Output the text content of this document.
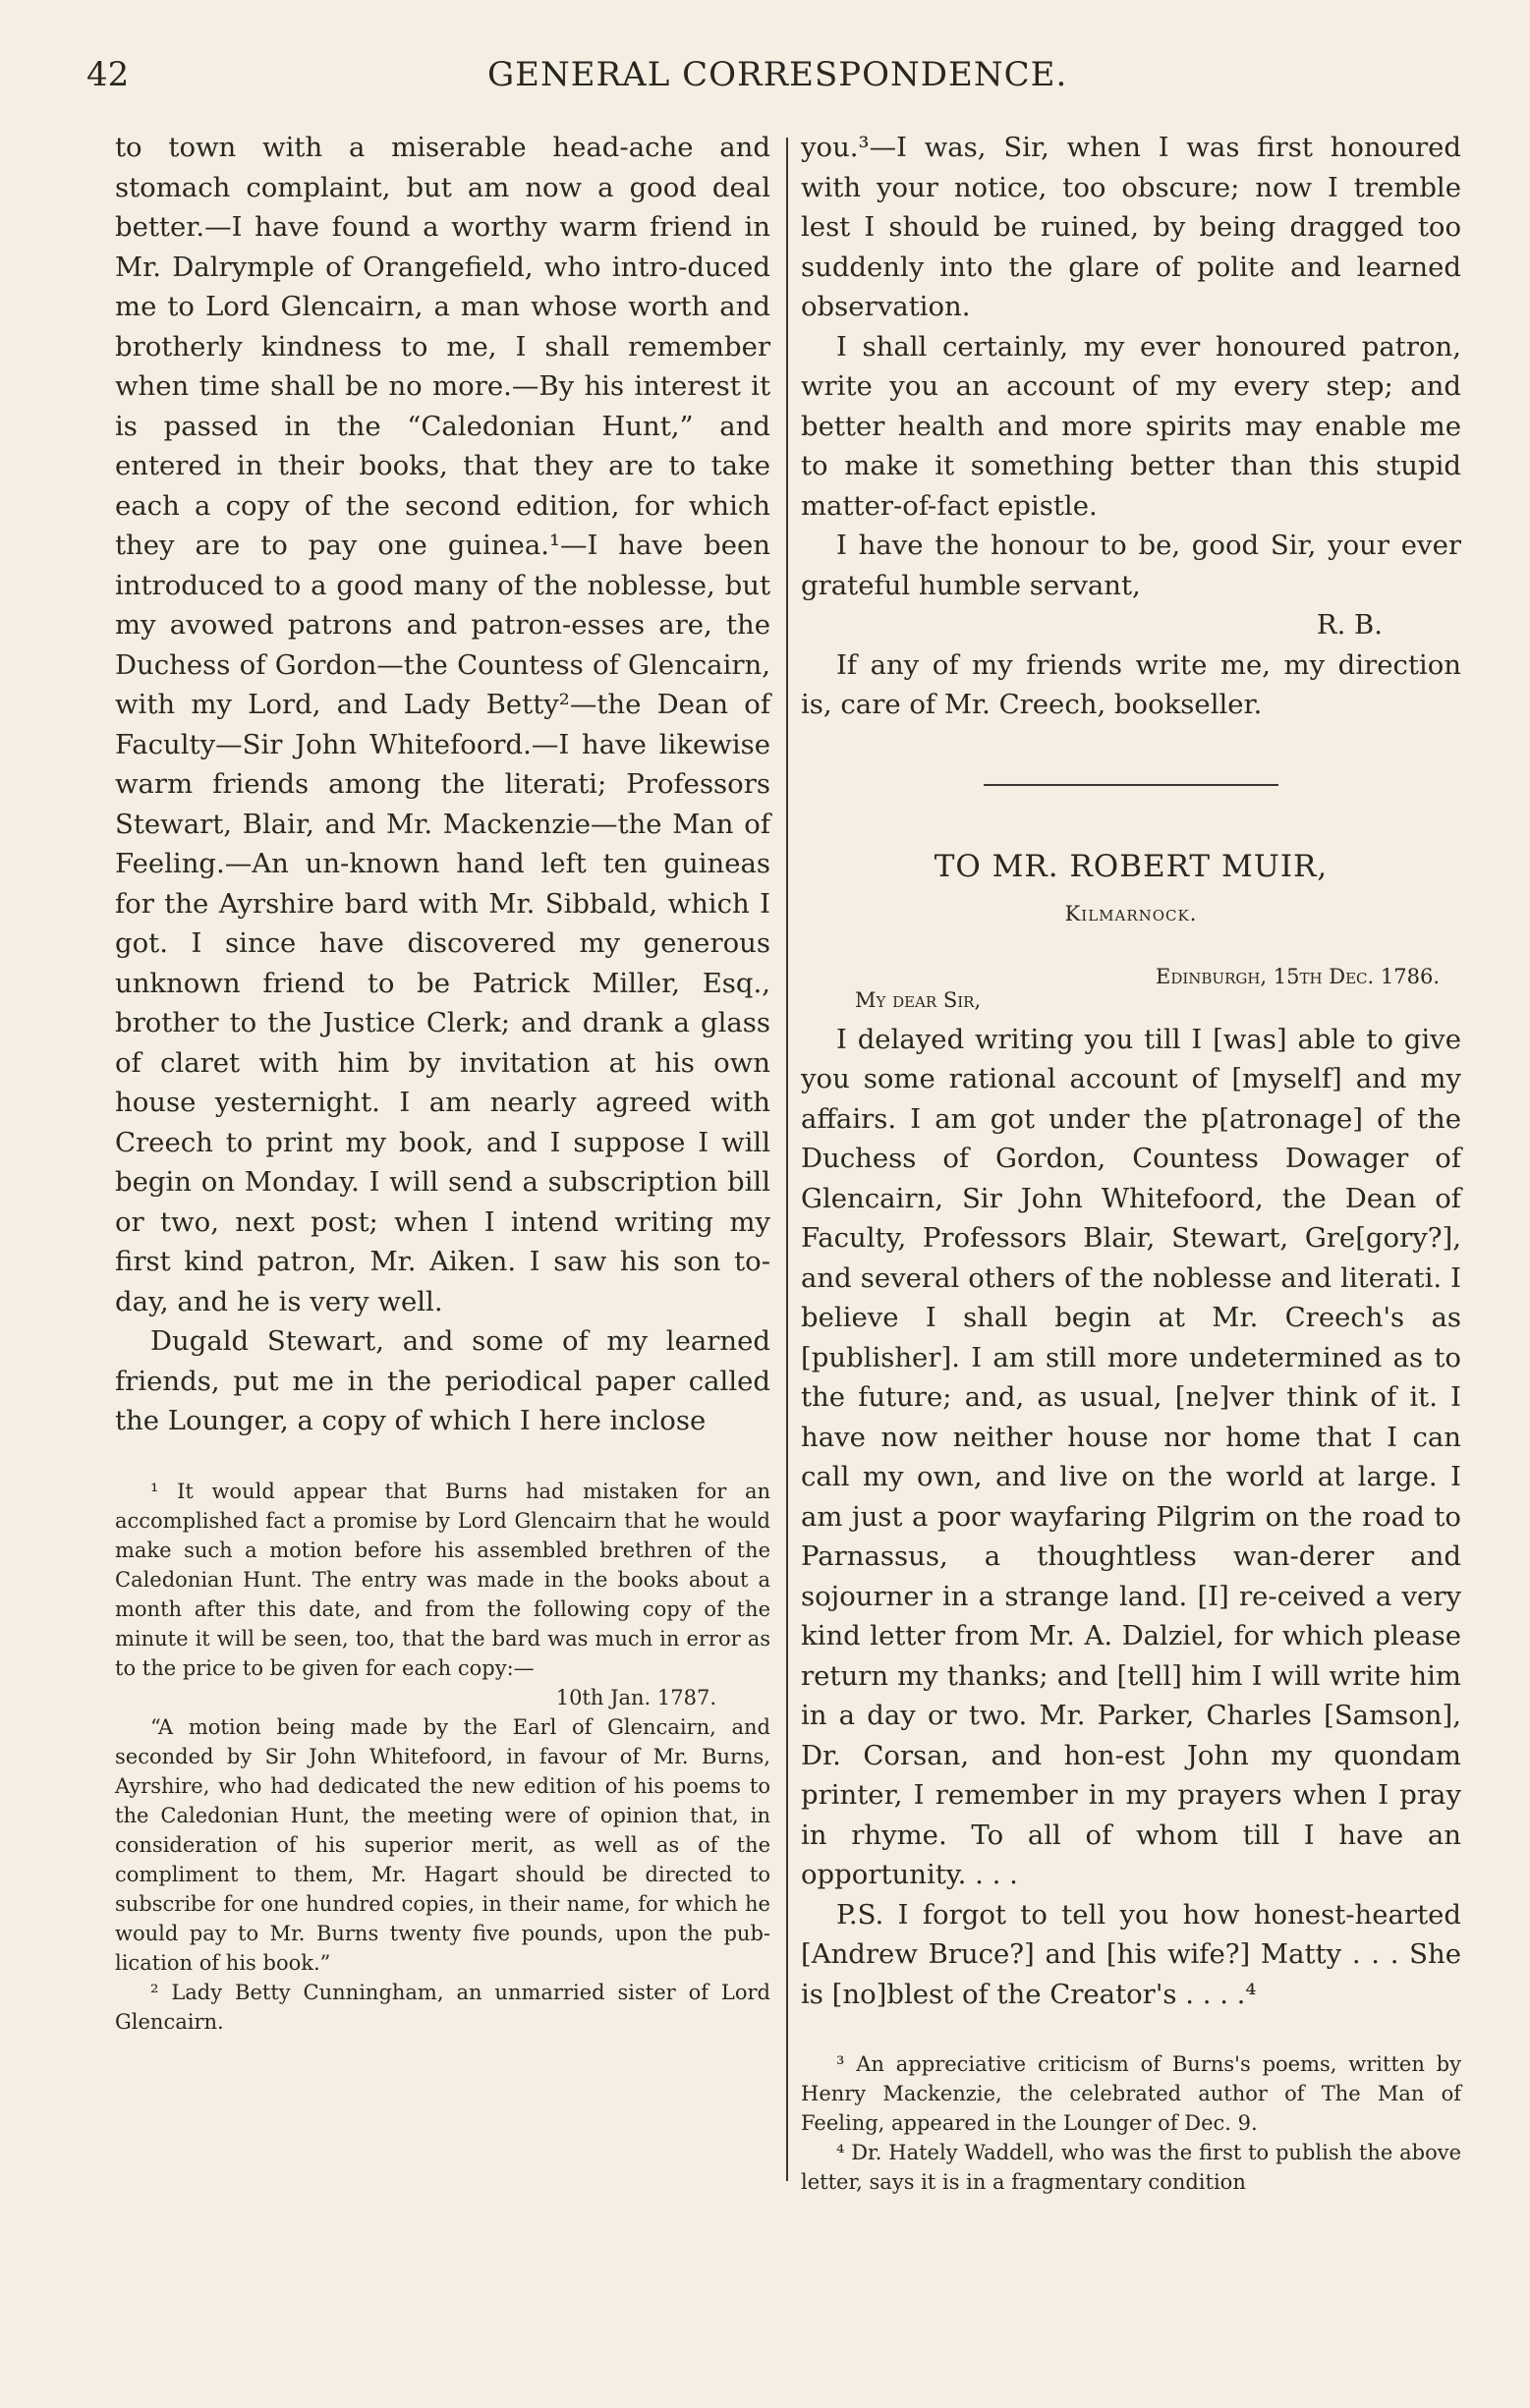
42	GENERAL CORRESPONDENCE.

to town with a miserable head-ache and stomach complaint, but am now a good deal better.—I have found a worthy warm friend in Mr. Dalrymple of Orangefield, who intro-duced me to Lord Glencairn, a man whose worth and brotherly kindness to me, I shall remember when time shall be no more.—By his interest it is passed in the “Caledonian Hunt,” and entered in their books, that they are to take each a copy of the second edition, for which they are to pay one guinea.¹—I have been introduced to a good many of the noblesse, but my avowed patrons and patron-esses are, the Duchess of Gordon—the Countess of Glencairn, with my Lord, and Lady Betty²—the Dean of Faculty—Sir John Whitefoord.—I have likewise warm friends among the literati; Professors Stewart, Blair, and Mr. Mackenzie—the Man of Feeling.—An un-known hand left ten guineas for the Ayrshire bard with Mr. Sibbald, which I got. I since have discovered my generous unknown friend to be Patrick Miller, Esq., brother to the Justice Clerk; and drank a glass of claret with him by invitation at his own house yesternight. I am nearly agreed with Creech to print my book, and I suppose I will begin on Monday. I will send a subscription bill or two, next post; when I intend writing my first kind patron, Mr. Aiken. I saw his son to-day, and he is very well.

Dugald Stewart, and some of my learned friends, put me in the periodical paper called the Lounger, a copy of which I here inclose

¹ It would appear that Burns had mistaken for an accomplished fact a promise by Lord Glencairn that he would make such a motion before his assembled brethren of the Caledonian Hunt. The entry was made in the books about a month after this date, and from the following copy of the minute it will be seen, too, that the bard was much in error as to the price to be given for each copy:—

10th Jan. 1787.

“A motion being made by the Earl of Glencairn, and seconded by Sir John Whitefoord, in favour of Mr. Burns, Ayrshire, who had dedicated the new edition of his poems to the Caledonian Hunt, the meeting were of opinion that, in consideration of his superior merit, as well as of the compliment to them, Mr. Hagart should be directed to subscribe for one hundred copies, in their name, for which he would pay to Mr. Burns twenty five pounds, upon the pub-lication of his book.”

² Lady Betty Cunningham, an unmarried sister of Lord Glencairn.

you.³—I was, Sir, when I was first honoured with your notice, too obscure; now I tremble lest I should be ruined, by being dragged too suddenly into the glare of polite and learned observation.

I shall certainly, my ever honoured patron, write you an account of my every step; and better health and more spirits may enable me to make it something better than this stupid matter-of-fact epistle.

I have the honour to be, good Sir, your ever grateful humble servant,

R. B.

If any of my friends write me, my direction is, care of Mr. Creech, bookseller.

TO MR. ROBERT MUIR,

Kilmarnock.

Edinburgh, 15th Dec. 1786.

My dear Sir,

I delayed writing you till I [was] able to give you some rational account of [myself] and my affairs. I am got under the p[atronage] of the Duchess of Gordon, Countess Dowager of Glencairn, Sir John Whitefoord, the Dean of Faculty, Professors Blair, Stewart, Gre[gory?], and several others of the noblesse and literati. I believe I shall begin at Mr. Creech's as [publisher]. I am still more undetermined as to the future; and, as usual, [ne]ver think of it. I have now neither house nor home that I can call my own, and live on the world at large. I am just a poor wayfaring Pilgrim on the road to Parnassus, a thoughtless wan-derer and sojourner in a strange land. [I] re-ceived a very kind letter from Mr. A. Dalziel, for which please return my thanks; and [tell] him I will write him in a day or two. Mr. Parker, Charles [Samson], Dr. Corsan, and hon-est John my quondam printer, I remember in my prayers when I pray in rhyme. To all of whom till I have an opportunity. . . .

P.S. I forgot to tell you how honest-hearted [Andrew Bruce?] and [his wife?] Matty . . . She is [no]blest of the Creator's . . . .⁴

³ An appreciative criticism of Burns's poems, written by Henry Mackenzie, the celebrated author of The Man of Feeling, appeared in the Lounger of Dec. 9.

⁴ Dr. Hately Waddell, who was the first to publish the above letter, says it is in a fragmentary condition
